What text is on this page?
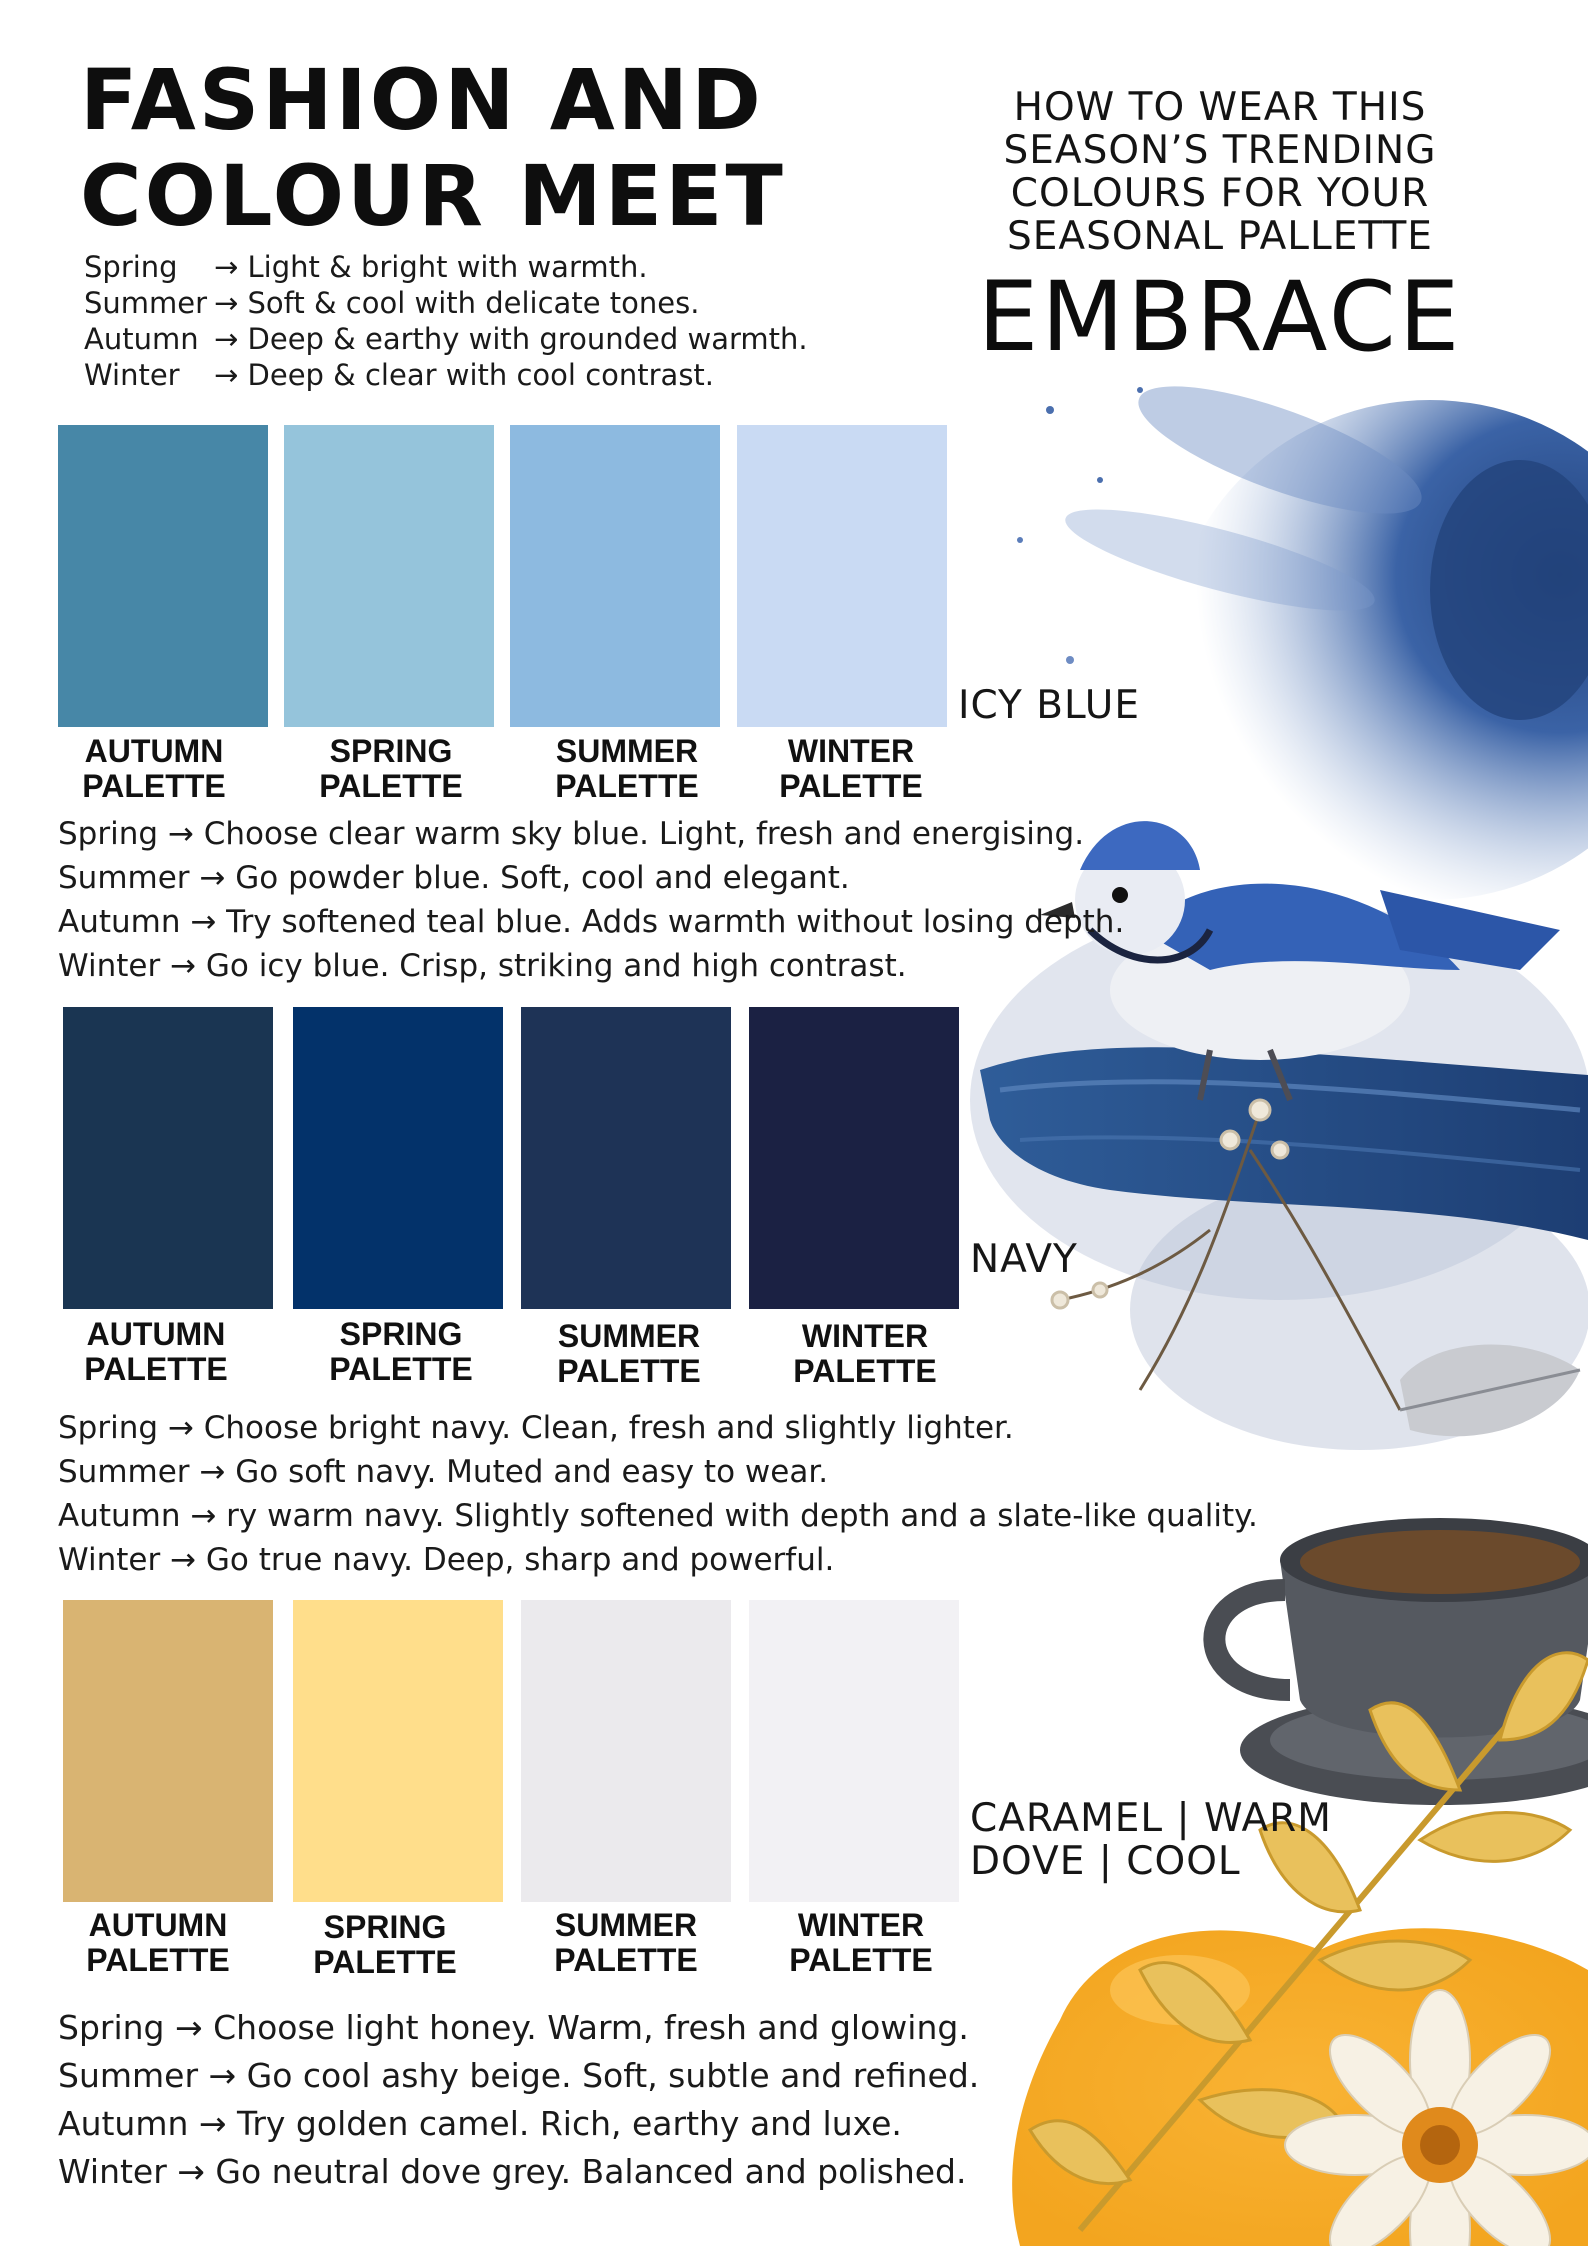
FASHION AND
COLOUR MEET
Spring	→ Light & bright with warmth.
Summer → Soft & cool with delicate tones.
Autumn → Deep & earthy with grounded warmth.
Winter	→ Deep & clear with cool contrast.
HOW TO WEAR THIS
SEASON’S TRENDING
COLOURS FOR YOUR
SEASONAL PALLETTE
EMBRACE
AUTUMN
PALETTE
SPRING
PALETTE
SUMMER
PALETTE
WINTER
PALETTE
ICY BLUE
Spring → Choose clear warm sky blue. Light, fresh and energising.
Summer → Go powder blue. Soft, cool and elegant.
Autumn → Try softened teal blue. Adds warmth without losing depth.
Winter → Go icy blue. Crisp, striking and high contrast.
AUTUMN
PALETTE
SPRING
PALETTE
SUMMER
PALETTE
WINTER
PALETTE
NAVY
Spring → Choose bright navy. Clean, fresh and slightly lighter.
Summer → Go soft navy. Muted and easy to wear.
Autumn → ry warm navy. Slightly softened with depth and a slate-like quality.
Winter → Go true navy. Deep, sharp and powerful.
AUTUMN
PALETTE
SPRING
PALETTE
SUMMER
PALETTE
WINTER
PALETTE
CARAMEL | WARM
DOVE | COOL
Spring → Choose light honey. Warm, fresh and glowing.
Summer → Go cool ashy beige. Soft, subtle and refined.
Autumn → Try golden camel. Rich, earthy and luxe.
Winter → Go neutral dove grey. Balanced and polished.
